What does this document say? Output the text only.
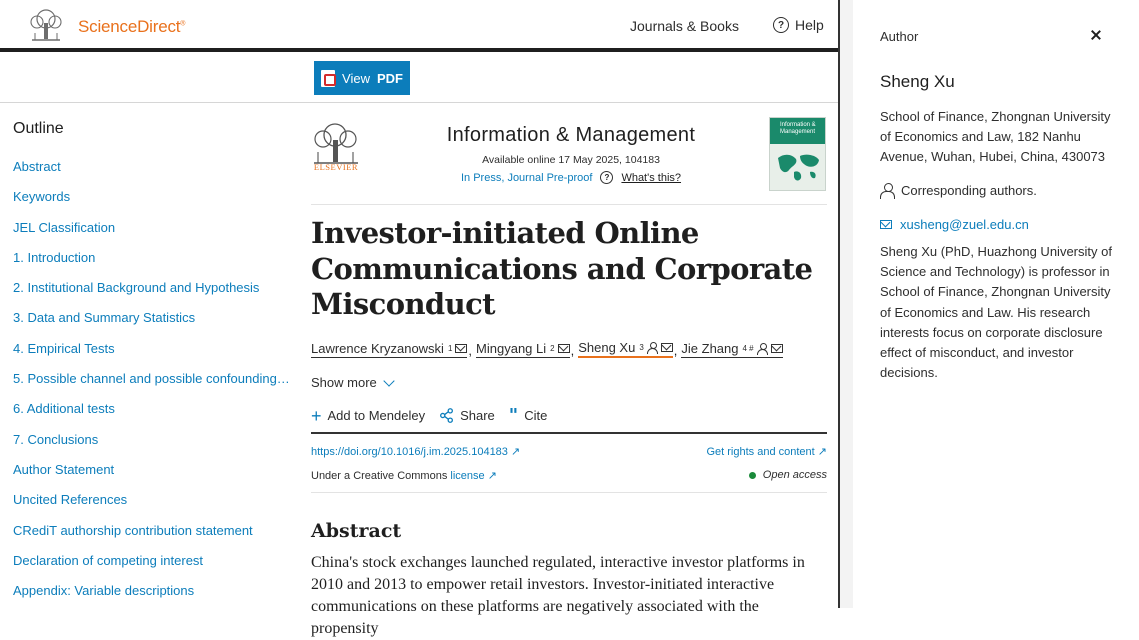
ScienceDirect®	Journals & Books	? Help
View PDF
Outline
Abstract
Keywords
JEL Classification
1. Introduction
2. Institutional Background and Hypothesis
3. Data and Summary Statistics
4. Empirical Tests
5. Possible channel and possible confounding…
6. Additional tests
7. Conclusions
Author Statement
Uncited References
CRediT authorship contribution statement
Declaration of competing interest
Appendix: Variable descriptions
ELSEVIER
Information & Management
Available online 17 May 2025, 104183
In Press, Journal Pre-proof	?	What's this?
Information & Management
Investor-initiated Online Communications and Corporate Misconduct
Lawrence Kryzanowski 1 , Mingyang Li 2 , Sheng Xu 3 , Jie Zhang 4 #
Show more
+ Add to Mendeley	Share " Cite
https://doi.org/10.1016/j.im.2025.104183 ↗	Get rights and content ↗
Under a Creative Commons license ↗	Open access
Abstract

China's stock exchanges launched regulated, interactive investor platforms in 2010 and 2013 to empower retail investors. Investor-initiated interactive communications on these platforms are negatively associated with the propensity

Author
Sheng Xu
School of Finance, Zhongnan University of Economics and Law, 182 Nanhu Avenue, Wuhan, Hubei, China, 430073
Corresponding authors.
xusheng@zuel.edu.cn
Sheng Xu (PhD, Huazhong University of Science and Technology) is professor in School of Finance, Zhongnan University of Economics and Law. His research interests focus on corporate disclosure effect of misconduct, and investor decisions.
